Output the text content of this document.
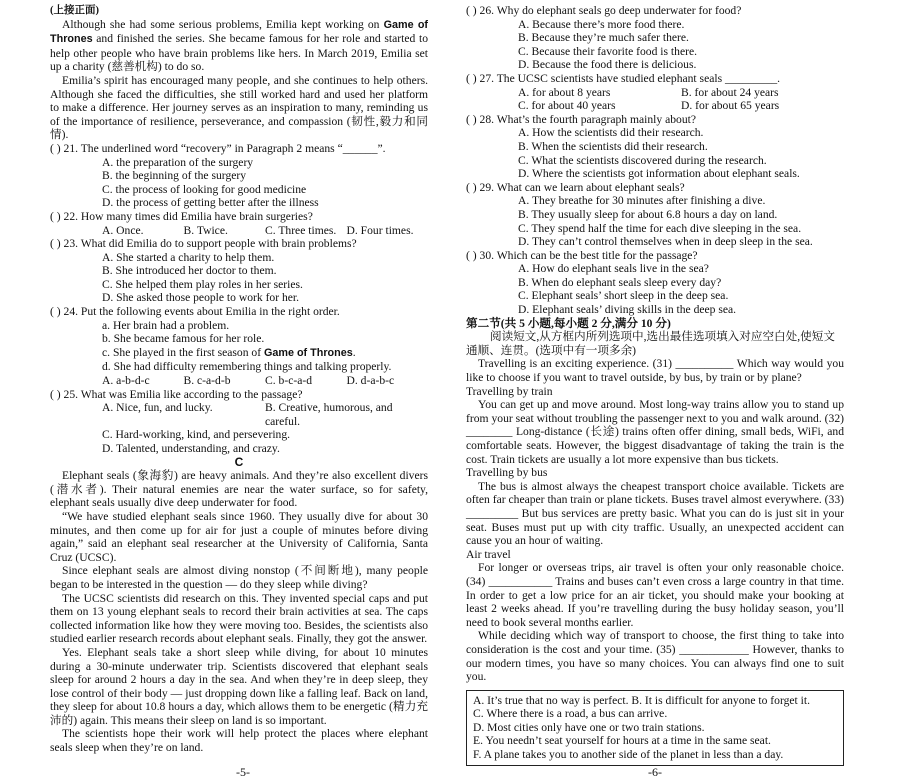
(上接正面)

Although she had some serious problems, Emilia kept working on Game of Thrones and finished the series. She became famous for her role and started to help other people who have brain problems like hers. In March 2019, Emilia set up a charity (慈善机构) to do so.

Emilia’s spirit has encouraged many people, and she continues to help others. Although she faced the difficulties, she still worked hard and used her platform to make a difference. Her journey serves as an inspiration to many, reminding us of the importance of resilience, perseverance, and compassion (韧性,毅力和同情).

( ) 21. The underlined word “recovery” in Paragraph 2 means “______”.

A. the preparation of the surgery

B. the beginning of the surgery

C. the process of looking for good medicine

D. the process of getting better after the illness

( ) 22. How many times did Emilia have brain surgeries?

A. Once.	B. Twice.	C. Three times. D. Four times.

( ) 23. What did Emilia do to support people with brain problems?

A. She started a charity to help them.

B. She introduced her doctor to them.

C. She helped them play roles in her series.

D. She asked those people to work for her.

( ) 24. Put the following events about Emilia in the right order.

a. Her brain had a problem.

b. She became famous for her role.

c. She played in the first season of Game of Thrones.

d. She had difficulty remembering things and talking properly.

A. a-b-d-c	B. c-a-d-b	C. b-c-a-d	D. d-a-b-c

( ) 25. What was Emilia like according to the passage?

A. Nice, fun, and lucky.	B. Creative, humorous, and careful.

C. Hard-working, kind, and persevering.

D. Talented, understanding, and crazy.

C

Elephant seals (象海豹) are heavy animals. And they’re also excellent divers (潜水者). Their natural enemies are near the water surface, so for safety, elephant seals usually dive deep underwater for food.

“We have studied elephant seals since 1960. They usually dive for about 30 minutes, and then come up for air for just a couple of minutes before diving again,” said an elephant seal researcher at the University of California, Santa Cruz (UCSC).

Since elephant seals are almost diving nonstop (不间断地), many people began to be interested in the question — do they sleep while diving?

The UCSC scientists did research on this. They invented special caps and put them on 13 young elephant seals to record their brain activities at sea. The caps collected information like how they were moving too. Besides, the scientists also studied earlier research records about elephant seals. Finally, they got the answer.

Yes. Elephant seals take a short sleep while diving, for about 10 minutes during a 30-minute underwater trip. Scientists discovered that elephant seals sleep for around 2 hours a day in the sea. And when they’re in deep sleep, they lose control of their body — just dropping down like a falling leaf. Back on land, they sleep for about 10.8 hours a day, which allows them to be energetic (精力充沛的) again. This means their sleep on land is so important.

The scientists hope their work will help protect the places where elephant seals sleep when they’re on land.

( ) 26. Why do elephant seals go deep underwater for food?

A. Because there’s more food there.

B. Because they’re much safer there.

C. Because their favorite food is there.

D. Because the food there is delicious.

( ) 27. The UCSC scientists have studied elephant seals _________.

A. for about 8 years	B. for about 24 years
C. for about 40 years	D. for about 65 years

( ) 28. What’s the fourth paragraph mainly about?

A. How the scientists did their research.

B. When the scientists did their research.

C. What the scientists discovered during the research.

D. Where the scientists got information about elephant seals.

( ) 29. What can we learn about elephant seals?

A. They breathe for 30 minutes after finishing a dive.

B. They usually sleep for about 6.8 hours a day on land.

C. They spend half the time for each dive sleeping in the sea.

D. They can’t control themselves when in deep sleep in the sea.

( ) 30. Which can be the best title for the passage?

A. How do elephant seals live in the sea?

B. When do elephant seals sleep every day?

C. Elephant seals’ short sleep in the deep sea.

D. Elephant seals’ diving skills in the deep sea.

第二节(共 5 小题,每小题 2 分,满分 10 分)

阅读短文,从方框内所列选项中,选出最佳选项填入对应空白处,使短文通顺、连贯。(选项中有一项多余)

Travelling is an exciting experience. (31) __________ Which way would you like to choose if you want to travel outside, by bus, by train or by plane?

Travelling by train

You can get up and move around. Most long-way trains allow you to stand up from your seat without troubling the passenger next to you and walk around. (32) ________ Long-distance (长途) trains often offer dining, small beds, WiFi, and comfortable seats. However, the biggest disadvantage of taking the train is the cost. Train tickets are usually a lot more expensive than bus tickets.

Travelling by bus

The bus is almost always the cheapest transport choice available. Tickets are often far cheaper than train or plane tickets. Buses travel almost everywhere. (33) _________ But bus services are pretty basic. What you can do is just sit in your seat. Buses must put up with city traffic. Usually, an unexpected accident can cause you an hour of waiting.

Air travel

For longer or overseas trips, air travel is often your only reasonable choice. (34) ___________ Trains and buses can’t even cross a large country in that time. In order to get a low price for an air ticket, you should make your booking at least 2 weeks ahead. If you’re travelling during the busy holiday season, you’ll need to book several months earlier.

While deciding which way of transport to choose, the first thing to take into consideration is the cost and your time. (35) ____________ However, thanks to our modern times, you have so many choices. You can always find one to suit you.

A. It’s true that no way is perfect. B. It is difficult for anyone to forget it.

C. Where there is a road, a bus can arrive.

D. Most cities only have one or two train stations.

E. You needn’t seat yourself for hours at a time in the same seat.

F. A plane takes you to another side of the planet in less than a day.

-5-	-6-
